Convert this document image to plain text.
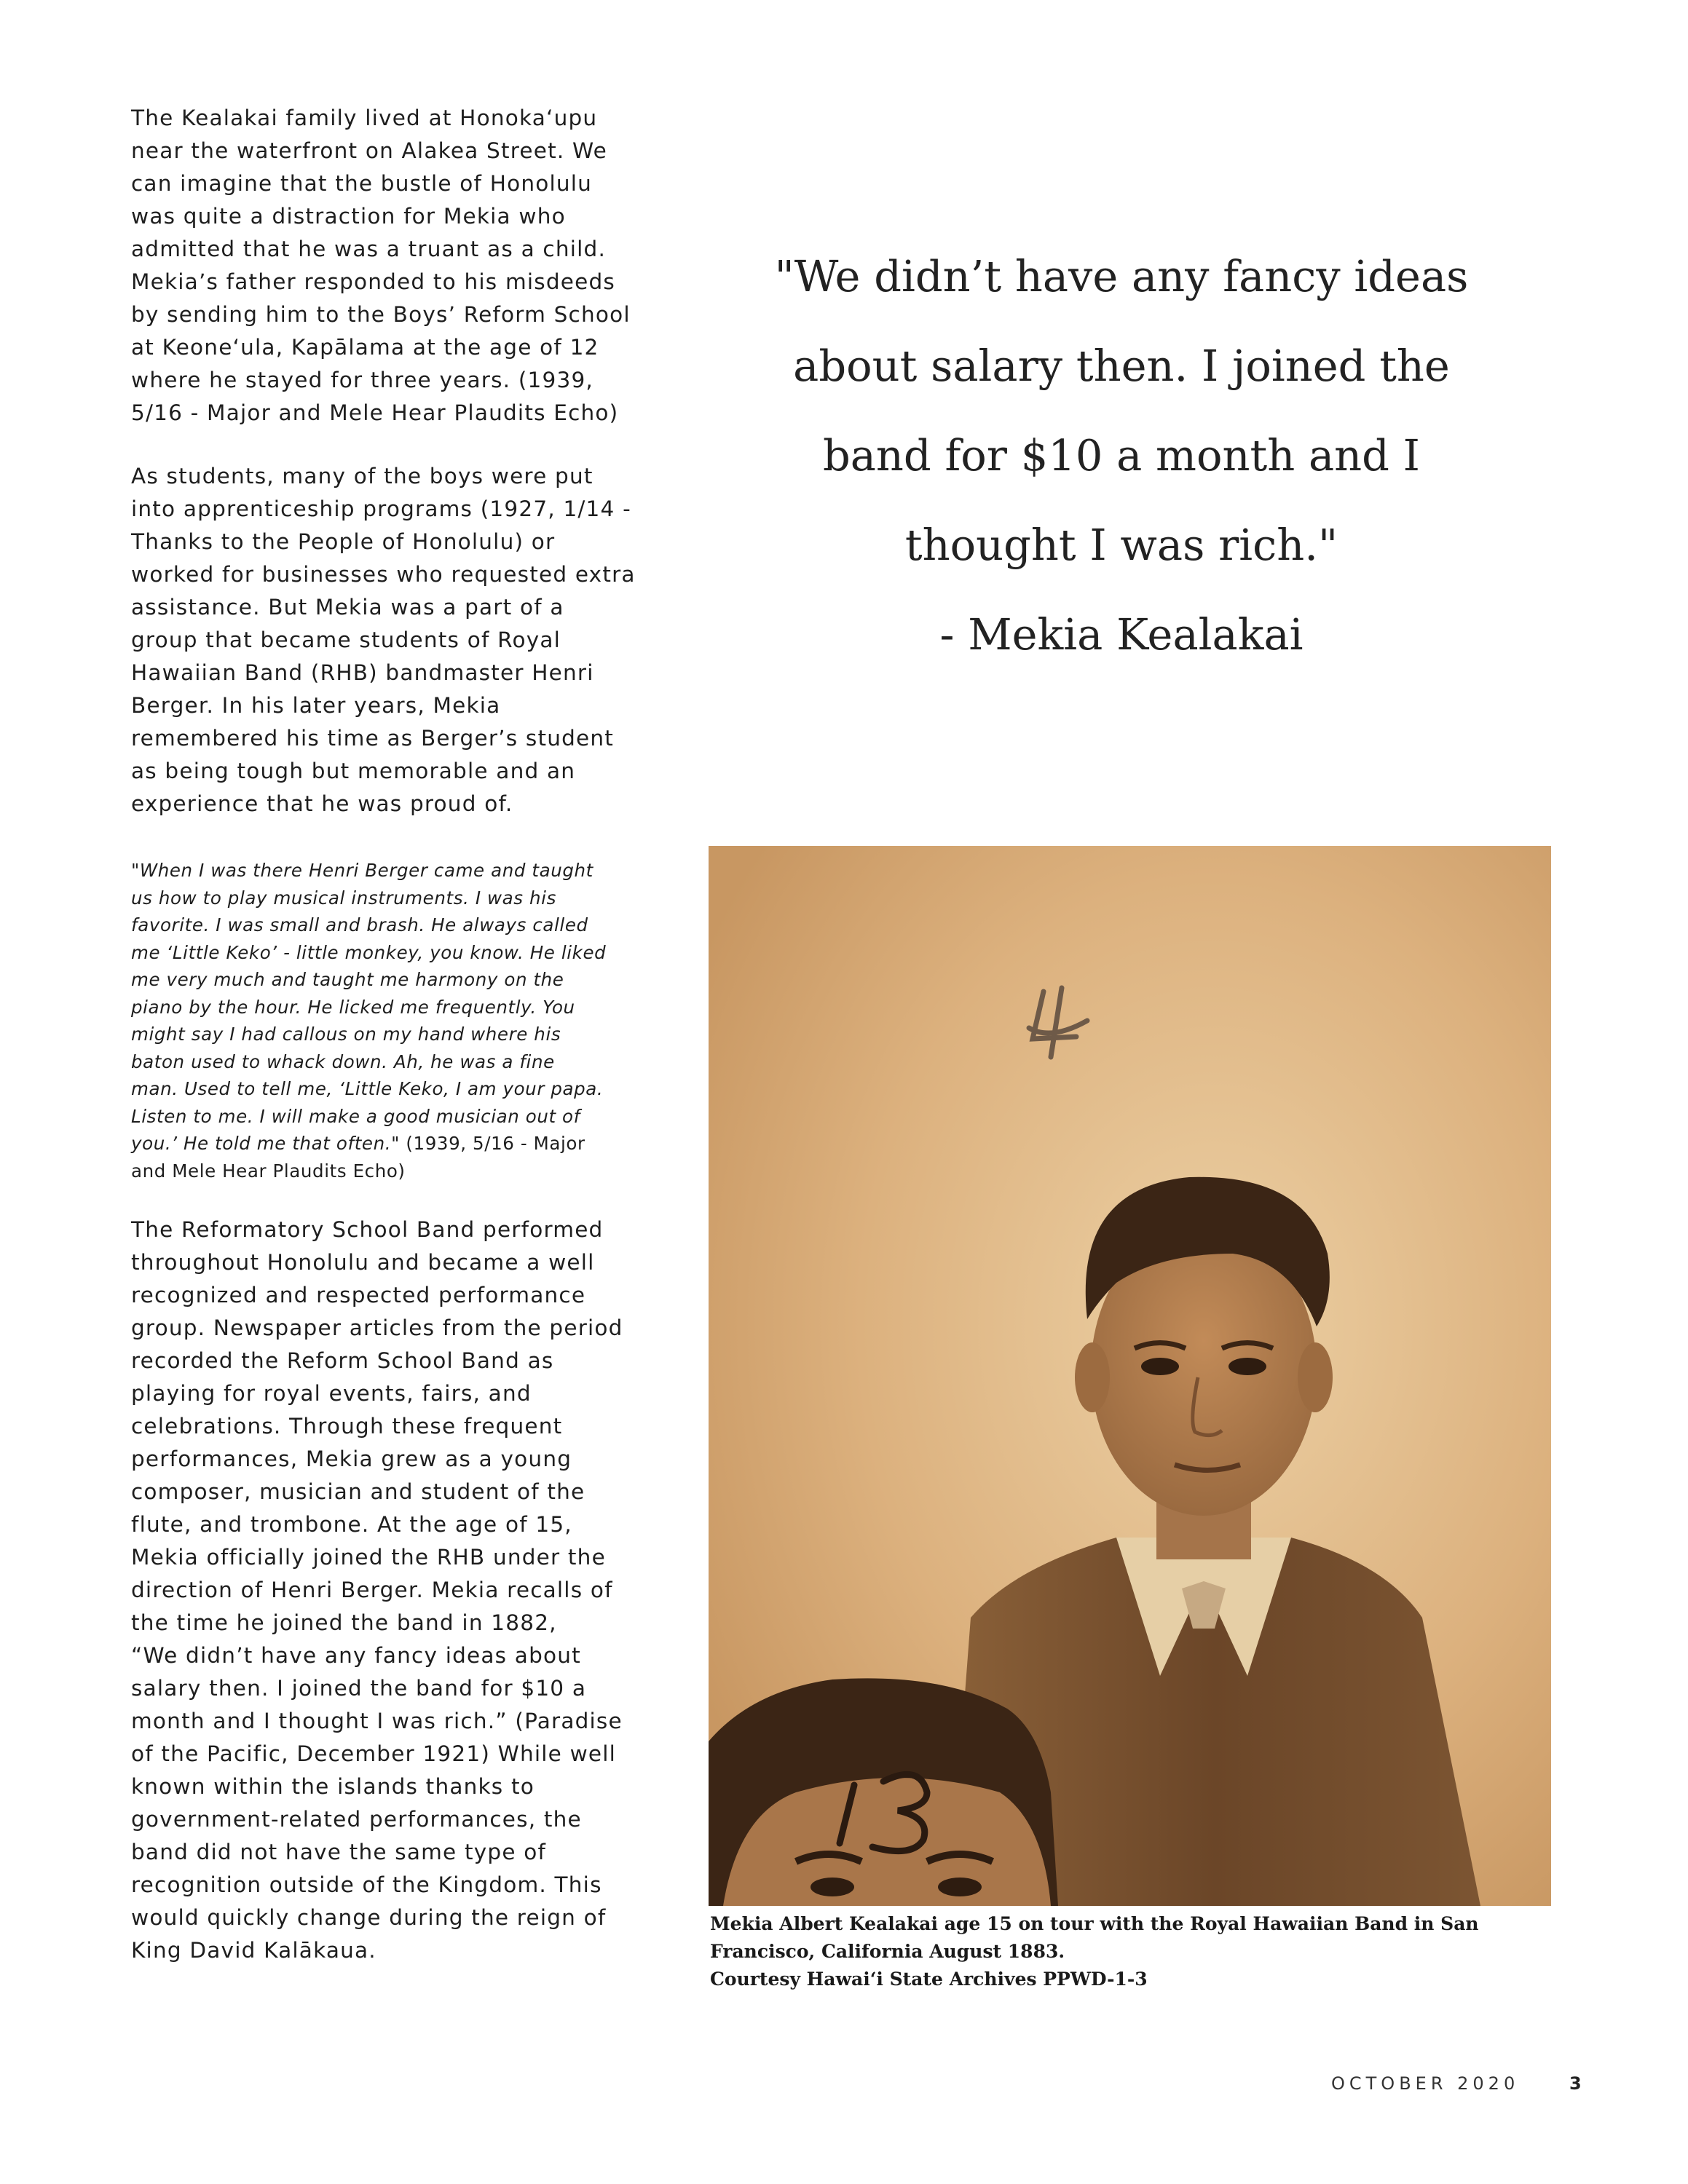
The Kealakai family lived at Honokaʻupu
near the waterfront on Alakea Street. We
can imagine that the bustle of Honolulu
was quite a distraction for Mekia who
admitted that he was a truant as a child.
Mekia’s father responded to his misdeeds
by sending him to the Boys’ Reform School
at Keoneʻula, Kapālama at the age of 12
where he stayed for three years. (1939,
5/16 - Major and Mele Hear Plaudits Echo)

As students, many of the boys were put
into apprenticeship programs (1927, 1/14 -
Thanks to the People of Honolulu) or
worked for businesses who requested extra
assistance. But Mekia was a part of a
group that became students of Royal
Hawaiian Band (RHB) bandmaster Henri
Berger. In his later years, Mekia
remembered his time as Berger’s student
as being tough but memorable and an
experience that he was proud of.

"When I was there Henri Berger came and taught
us how to play musical instruments. I was his
favorite. I was small and brash. He always called
me ‘Little Keko’ - little monkey, you know. He liked
me very much and taught me harmony on the
piano by the hour. He licked me frequently. You
might say I had callous on my hand where his
baton used to whack down. Ah, he was a fine
man. Used to tell me, ‘Little Keko, I am your papa.
Listen to me. I will make a good musician out of
you.’ He told me that often." (1939, 5/16 - Major
and Mele Hear Plaudits Echo)

The Reformatory School Band performed
throughout Honolulu and became a well
recognized and respected performance
group. Newspaper articles from the period
recorded the Reform School Band as
playing for royal events, fairs, and
celebrations. Through these frequent
performances, Mekia grew as a young
composer, musician and student of the
flute, and trombone. At the age of 15,
Mekia officially joined the RHB under the
direction of Henri Berger. Mekia recalls of
the time he joined the band in 1882,
“We didn’t have any fancy ideas about
salary then. I joined the band for $10 a
month and I thought I was rich.” (Paradise
of the Pacific, December 1921) While well
known within the islands thanks to
government-related performances, the
band did not have the same type of
recognition outside of the Kingdom. This
would quickly change during the reign of
King David Kalākaua.

"We didn’t have any fancy ideas
about salary then. I joined the
band for $10 a month and I
thought I was rich."
- Mekia Kealakai
Mekia Albert Kealakai age 15 on tour with the Royal Hawaiian Band in San
Francisco, California August 1883.
Courtesy Hawaiʻi State Archives PPWD-1-3
OCTOBER 2020	3
